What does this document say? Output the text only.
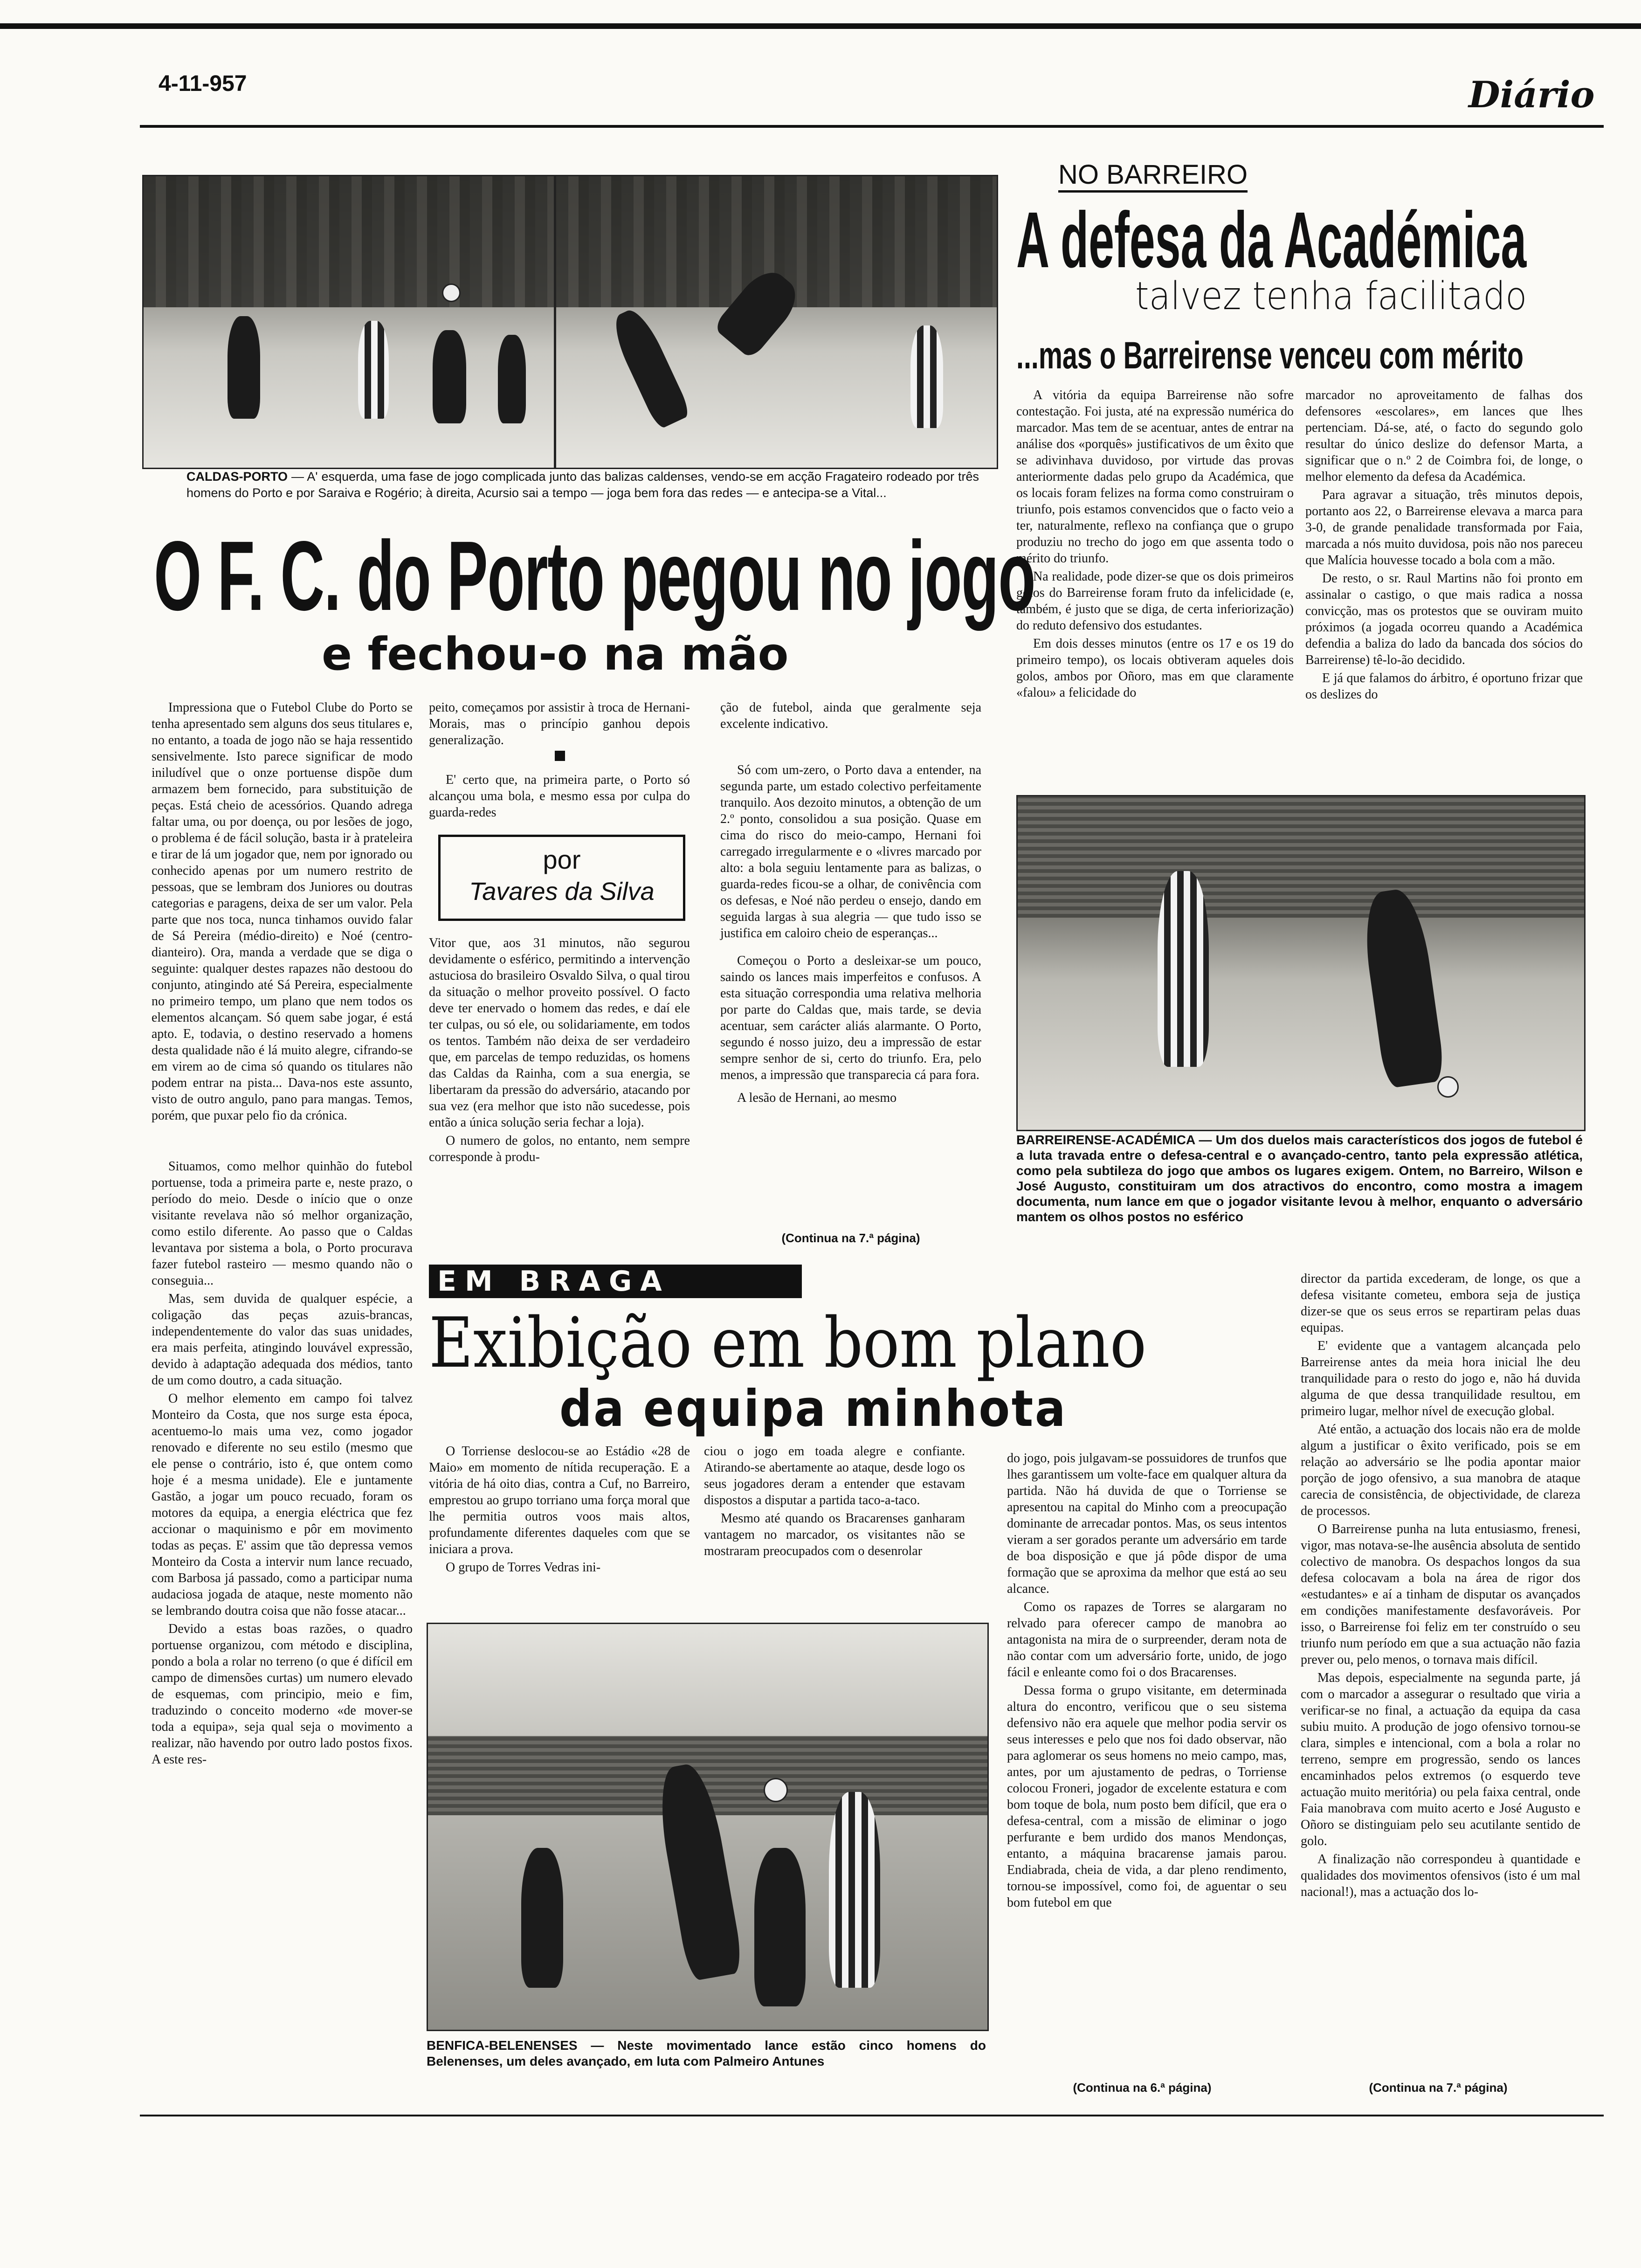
4-11-957	Diário
CALDAS-PORTO — A' esquerda, uma fase de jogo complicada junto das balizas caldenses, vendo-se em acção Fragateiro rodeado por três homens do Porto e por Saraiva e Rogério; à direita, Acursio sai a tempo — joga bem fora das redes — e antecipa-se a Vital...
O F. C. do Porto pegou no jogo
e fechou-o na mão

Impressiona que o Futebol Clube do Porto se tenha apresentado sem alguns dos seus titulares e, no entanto, a toada de jogo não se haja ressentido sensivelmente. Isto parece significar de modo iniludível que o onze portuense dispõe dum armazem bem fornecido, para substituição de peças. Está cheio de acessórios. Quando adrega faltar uma, ou por doença, ou por lesões de jogo, o problema é de fácil solução, basta ir à prateleira e tirar de lá um jogador que, nem por ignorado ou conhecido apenas por um numero restrito de pessoas, que se lembram dos Juniores ou doutras categorias e paragens, deixa de ser um valor. Pela parte que nos toca, nunca tinhamos ouvido falar de Sá Pereira (médio-direito) e Noé (centro-dianteiro). Ora, manda a verdade que se diga o seguinte: qualquer destes rapazes não destoou do conjunto, atingindo até Sá Pereira, especialmente no primeiro tempo, um plano que nem todos os elementos alcançam. Só quem sabe jogar, é está apto. E, todavia, o destino reservado a homens desta qualidade não é lá muito alegre, cifrando-se em virem ao de cima só quando os titulares não podem entrar na pista... Dava-nos este assunto, visto de outro angulo, pano para mangas. Temos, porém, que puxar pelo fio da crónica.

Situamos, como melhor quinhão do futebol portuense, toda a primeira parte e, neste prazo, o período do meio. Desde o início que o onze visitante revelava não só melhor organização, como estilo diferente. Ao passo que o Caldas levantava por sistema a bola, o Porto procurava fazer futebol rasteiro — mesmo quando não o conseguia...

Mas, sem duvida de qualquer espécie, a coligação das peças azuis-brancas, independentemente do valor das suas unidades, era mais perfeita, atingindo louvável expressão, devido à adaptação adequada dos médios, tanto de um como doutro, a cada situação.

O melhor elemento em campo foi talvez Monteiro da Costa, que nos surge esta época, acentuemo-lo mais uma vez, como jogador renovado e diferente no seu estilo (mesmo que ele pense o contrário, isto é, que ontem como hoje é a mesma unidade). Ele e juntamente Gastão, a jogar um pouco recuado, foram os motores da equipa, a energia eléctrica que fez accionar o maquinismo e pôr em movimento todas as peças. E' assim que tão depressa vemos Monteiro da Costa a intervir num lance recuado, com Barbosa já passado, como a participar numa audaciosa jogada de ataque, neste momento não se lembrando doutra coisa que não fosse atacar...

Devido a estas boas razões, o quadro portuense organizou, com método e disciplina, pondo a bola a rolar no terreno (o que é difícil em campo de dimensões curtas) um numero elevado de esquemas, com principio, meio e fim, traduzindo o conceito moderno «de mover-se toda a equipa», seja qual seja o movimento a realizar, não havendo por outro lado postos fixos. A este res-

peito, começamos por assistir à troca de Hernani-Morais, mas o princípio ganhou depois generalização.

E' certo que, na primeira parte, o Porto só alcançou uma bola, e mesmo essa por culpa do guarda-redes

por
Tavares da Silva

Vitor que, aos 31 minutos, não segurou devidamente o esférico, permitindo a intervenção astuciosa do brasileiro Osvaldo Silva, o qual tirou da situação o melhor proveito possível. O facto deve ter enervado o homem das redes, e daí ele ter culpas, ou só ele, ou solidariamente, em todos os tentos. Também não deixa de ser verdadeiro que, em parcelas de tempo reduzidas, os homens das Caldas da Rainha, com a sua energia, se libertaram da pressão do adversário, atacando por sua vez (era melhor que isto não sucedesse, pois então a única solução seria fechar a loja).

O numero de golos, no entanto, nem sempre corresponde à produ-

ção de futebol, ainda que geralmente seja excelente indicativo.

Só com um-zero, o Porto dava a entender, na segunda parte, um estado colectivo perfeitamente tranquilo. Aos dezoito minutos, a obtenção de um 2.º ponto, consolidou a sua posição. Quase em cima do risco do meio-campo, Hernani foi carregado irregularmente e o «livres marcado por alto: a bola seguiu lentamente para as balizas, o guarda-redes ficou-se a olhar, de conivência com os defesas, e Noé não perdeu o ensejo, dando em seguida largas à sua alegria — que tudo isso se justifica em caloiro cheio de esperanças...

Começou o Porto a desleixar-se um pouco, saindo os lances mais imperfeitos e confusos. A esta situação correspondia uma relativa melhoria por parte do Caldas que, mais tarde, se devia acentuar, sem carácter aliás alarmante. O Porto, segundo é nosso juizo, deu a impressão de estar sempre senhor de si, certo do triunfo. Era, pelo menos, a impressão que transparecia cá para fora.

A lesão de Hernani, ao mesmo

(Continua na 7.ª página)
NO BARREIRO
A defesa da Académica
talvez tenha facilitado
...mas o Barreirense venceu com mérito

A vitória da equipa Barreirense não sofre contestação. Foi justa, até na expressão numérica do marcador. Mas tem de se acentuar, antes de entrar na análise dos «porquês» justificativos de um êxito que se adivinhava duvidoso, por virtude das provas anteriormente dadas pelo grupo da Académica, que os locais foram felizes na forma como construiram o triunfo, pois estamos convencidos que o facto veio a ter, naturalmente, reflexo na confiança que o grupo produziu no trecho do jogo em que assenta todo o mérito do triunfo.

Na realidade, pode dizer-se que os dois primeiros golos do Barreirense foram fruto da infelicidade (e, também, é justo que se diga, de certa inferiorização) do reduto defensivo dos estudantes.

Em dois desses minutos (entre os 17 e os 19 do primeiro tempo), os locais obtiveram aqueles dois golos, ambos por Oñoro, mas em que claramente «falou» a felicidade do

marcador no aproveitamento de falhas dos defensores «escolares», em lances que lhes pertenciam. Dá-se, até, o facto do segundo golo resultar do único deslize do defensor Marta, a significar que o n.º 2 de Coimbra foi, de longe, o melhor elemento da defesa da Académica.

Para agravar a situação, três minutos depois, portanto aos 22, o Barreirense elevava a marca para 3-0, de grande penalidade transformada por Faia, marcada a nós muito duvidosa, pois não nos pareceu que Malícia houvesse tocado a bola com a mão.

De resto, o sr. Raul Martins não foi pronto em assinalar o castigo, o que mais radica a nossa convicção, mas os protestos que se ouviram muito próximos (a jogada ocorreu quando a Académica defendia a baliza do lado da bancada dos sócios do Barreirense) tê-lo-ão decidido.

E já que falamos do árbitro, é oportuno frizar que os deslizes do

BARREIRENSE-ACADÉMICA — Um dos duelos mais característicos dos jogos de futebol é a luta travada entre o defesa-central e o avançado-centro, tanto pela expressão atlética, como pela subtileza do jogo que ambos os lugares exigem. Ontem, no Barreiro, Wilson e José Augusto, constituiram um dos atractivos do encontro, como mostra a imagem documenta, num lance em que o jogador visitante levou à melhor, enquanto o adversário mantem os olhos postos no esférico

director da partida excederam, de longe, os que a defesa visitante cometeu, embora seja de justiça dizer-se que os seus erros se repartiram pelas duas equipas.

E' evidente que a vantagem alcançada pelo Barreirense antes da meia hora inicial lhe deu tranquilidade para o resto do jogo e, não há duvida alguma de que dessa tranquilidade resultou, em primeiro lugar, melhor nível de execução global.

Até então, a actuação dos locais não era de molde algum a justificar o êxito verificado, pois se em relação ao adversário se lhe podia apontar maior porção de jogo ofensivo, a sua manobra de ataque carecia de consistência, de objectividade, de clareza de processos.

O Barreirense punha na luta entusiasmo, frenesi, vigor, mas notava-se-lhe ausência absoluta de sentido colectivo de manobra. Os despachos longos da sua defesa colocavam a bola na área de rigor dos «estudantes» e aí a tinham de disputar os avançados em condições manifestamente desfavoráveis. Por isso, o Barreirense foi feliz em ter construído o seu triunfo num período em que a sua actuação não fazia prever ou, pelo menos, o tornava mais difícil.

Mas depois, especialmente na segunda parte, já com o marcador a assegurar o resultado que viria a verificar-se no final, a actuação da equipa da casa subiu muito. A produção de jogo ofensivo tornou-se clara, simples e intencional, com a bola a rolar no terreno, sempre em progressão, sendo os lances encaminhados pelos extremos (o esquerdo teve actuação muito meritória) ou pela faixa central, onde Faia manobrava com muito acerto e José Augusto e Oñoro se distinguiam pelo seu acutilante sentido de golo.

A finalização não correspondeu à quantidade e qualidades dos movimentos ofensivos (isto é um mal nacional!), mas a actuação dos lo-

(Continua na 7.ª página)
EM BRAGA
Exibição em bom plano
da equipa minhota

O Torriense deslocou-se ao Estádio «28 de Maio» em momento de nítida recuperação. E a vitória de há oito dias, contra a Cuf, no Barreiro, emprestou ao grupo torriano uma força moral que lhe permitia outros voos mais altos, profundamente diferentes daqueles com que se iniciara a prova.

O grupo de Torres Vedras ini-

ciou o jogo em toada alegre e confiante. Atirando-se abertamente ao ataque, desde logo os seus jogadores deram a entender que estavam dispostos a disputar a partida taco-a-taco.

Mesmo até quando os Bracarenses ganharam vantagem no marcador, os visitantes não se mostraram preocupados com o desenrolar

do jogo, pois julgavam-se possuidores de trunfos que lhes garantissem um volte-face em qualquer altura da partida. Não há duvida de que o Torriense se apresentou na capital do Minho com a preocupação dominante de arrecadar pontos. Mas, os seus intentos vieram a ser gorados perante um adversário em tarde de boa disposição e que já pôde dispor de uma formação que se aproxima da melhor que está ao seu alcance.

Como os rapazes de Torres se alargaram no relvado para oferecer campo de manobra ao antagonista na mira de o surpreender, deram nota de não contar com um adversário forte, unido, de jogo fácil e enleante como foi o dos Bracarenses.

Dessa forma o grupo visitante, em determinada altura do encontro, verificou que o seu sistema defensivo não era aquele que melhor podia servir os seus interesses e pelo que nos foi dado observar, não para aglomerar os seus homens no meio campo, mas, antes, por um ajustamento de pedras, o Torriense colocou Froneri, jogador de excelente estatura e com bom toque de bola, num posto bem difícil, que era o defesa-central, com a missão de eliminar o jogo perfurante e bem urdido dos manos Mendonças, entanto, a máquina bracarense jamais parou. Endiabrada, cheia de vida, a dar pleno rendimento, tornou-se impossível, como foi, de aguentar o seu bom futebol em que

BENFICA-BELENENSES — Neste movimentado lance estão cinco homens do Belenenses, um deles avançado, em luta com Palmeiro Antunes
(Continua na 6.ª página)
